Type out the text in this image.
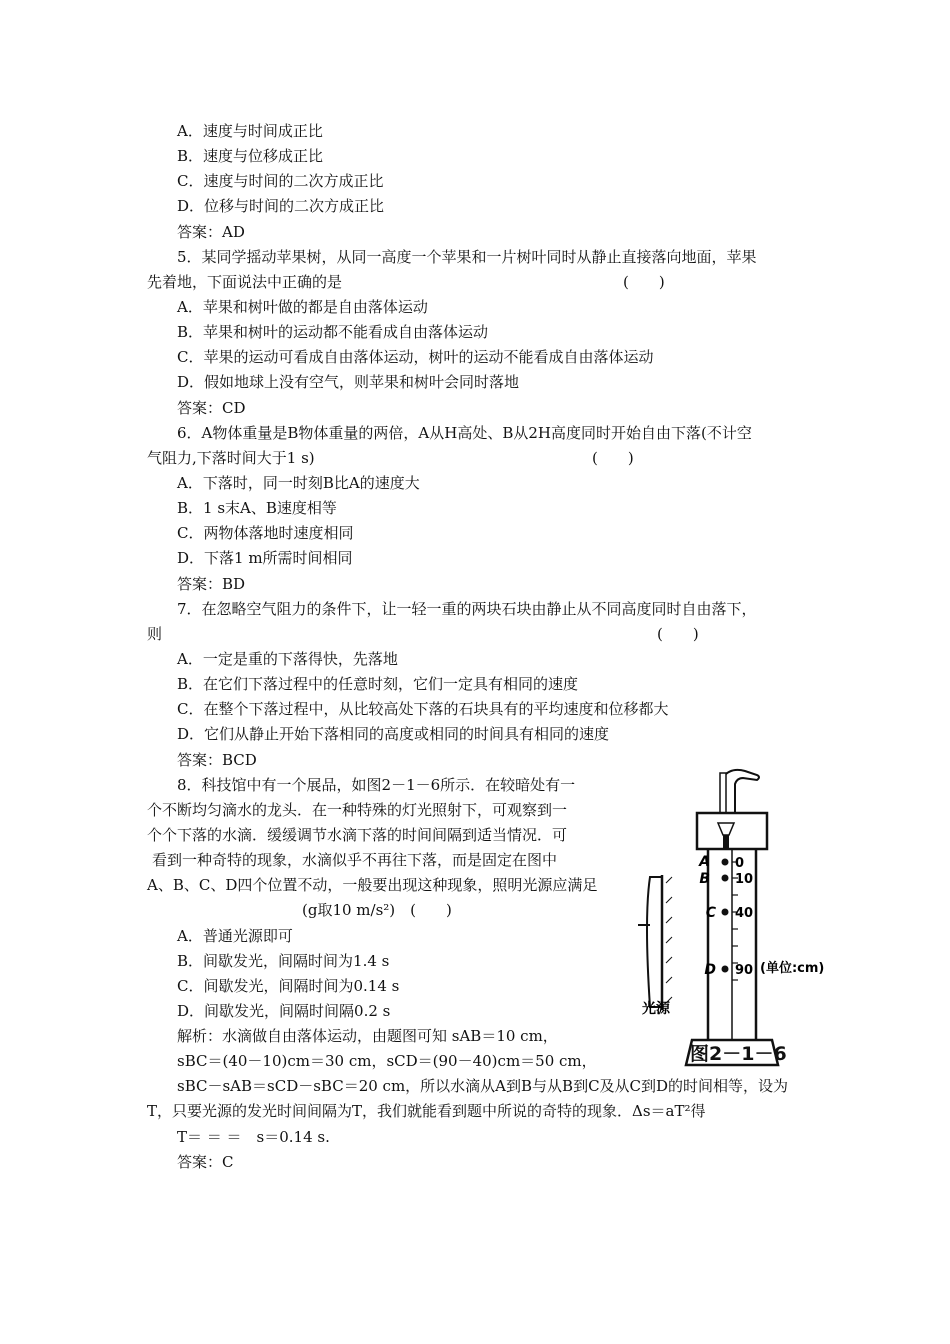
A．速度与时间成正比
B．速度与位移成正比
C．速度与时间的二次方成正比
D．位移与时间的二次方成正比
答案：AD
5．某同学摇动苹果树，从同一高度一个苹果和一片树叶同时从静止直接落向地面，苹果
先着地，下面说法中正确的是	(　　)
A．苹果和树叶做的都是自由落体运动
B．苹果和树叶的运动都不能看成自由落体运动
C．苹果的运动可看成自由落体运动，树叶的运动不能看成自由落体运动
D．假如地球上没有空气，则苹果和树叶会同时落地
答案：CD
6．A物体重量是B物体重量的两倍，A从H高处、B从2H高度同时开始自由下落(不计空
气阻力,下落时间大于1 s)	(　　)
A．下落时，同一时刻B比A的速度大
B．1 s末A、B速度相等
C．两物体落地时速度相同
D．下落1 m所需时间相同
答案：BD
7．在忽略空气阻力的条件下，让一轻一重的两块石块由静止从不同高度同时自由落下，
则	(　　)
A．一定是重的下落得快，先落地
B．在它们下落过程中的任意时刻，它们一定具有相同的速度
C．在整个下落过程中，从比较高处下落的石块具有的平均速度和位移都大
D．它们从静止开始下落相同的高度或相同的时间具有相同的速度
答案：BCD
8．科技馆中有一个展品，如图2－1－6所示．在较暗处有一
个不断均匀滴水的龙头．在一种特殊的灯光照射下，可观察到一
个个下落的水滴．缓缓调节水滴下落的时间间隔到适当情况．可
看到一种奇特的现象，水滴似乎不再往下落，而是固定在图中
A、B、C、D四个位置不动，一般要出现这种现象，照明光源应满足
(g取10 m/s²)　(　　)
A．普通光源即可
B．间歇发光，间隔时间为1.4 s
C．间歇发光，间隔时间为0.14 s
D．间歇发光，间隔时间隔0.2 s
解析：水滴做自由落体运动，由题图可知 sAB＝10 cm，
sBC＝(40－10)cm＝30 cm，sCD＝(90－40)cm＝50 cm，
sBC－sAB＝sCD－sBC＝20 cm，所以水滴从A到B与从B到C及从C到D的时间相等，设为
T，只要光源的发光时间间隔为T，我们就能看到题中所说的奇特的现象．Δs＝aT²得
T＝ ＝ ＝　s＝0.14 s.
答案：C
A
B
C
D
0
10
40
90 (单位:cm)
光源
图2－1－6
